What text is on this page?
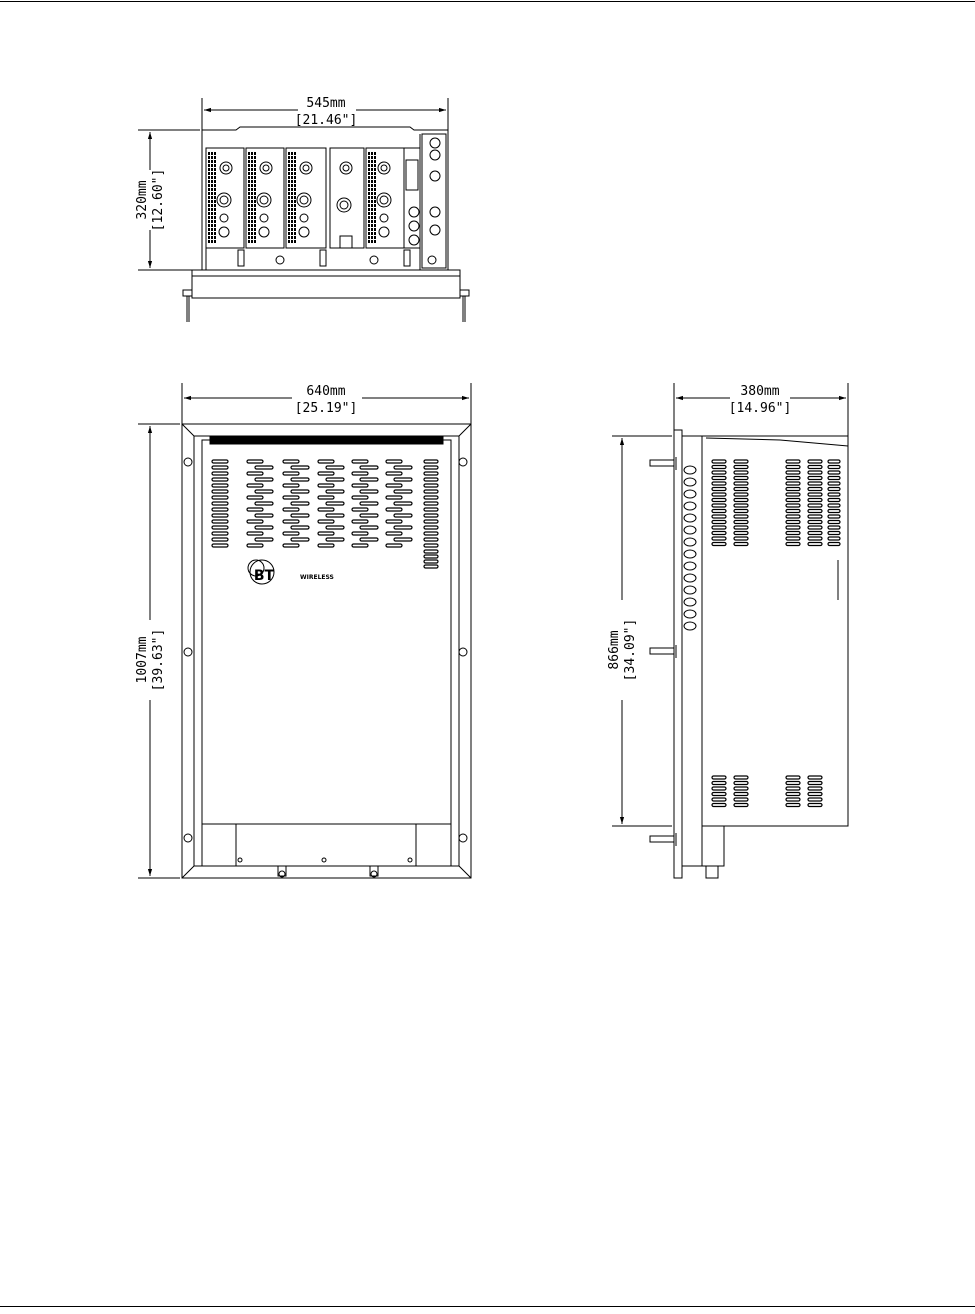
545mm
[21.46"]
320mm [12.60"]
BT	WIRELESS
640mm
[25.19"]
1007mm [39.63"]
380mm
[14.96"]
866mm [34.09"]
